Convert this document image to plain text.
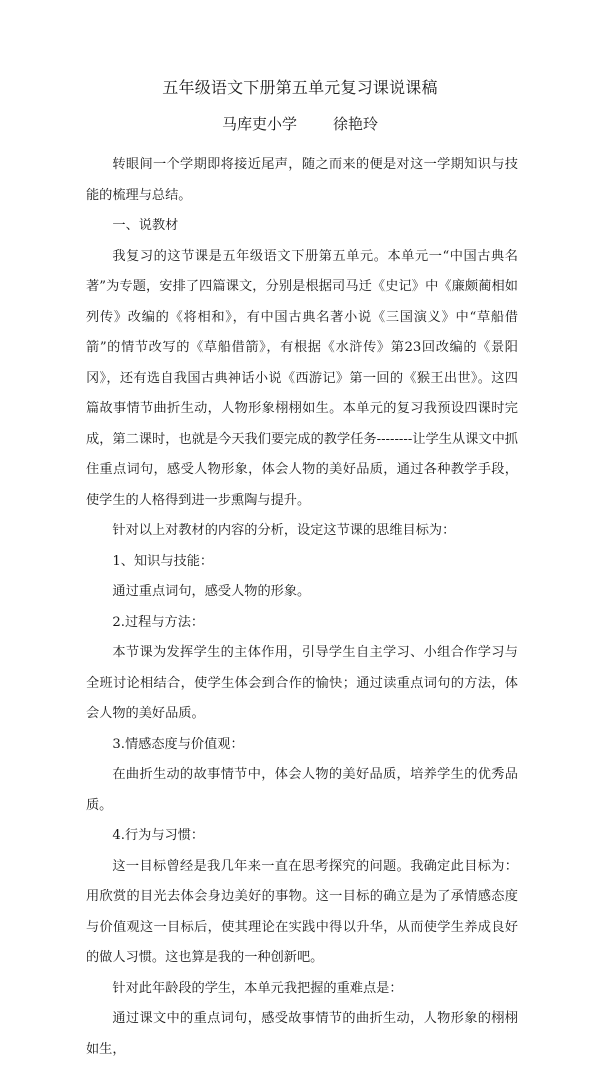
五年级语文下册第五单元复习课说课稿
马库吏小学 徐艳玲

转眼间一个学期即将接近尾声，随之而来的便是对这一学期知识与技能的梳理与总结。

一、说教材

我复习的这节课是五年级语文下册第五单元。本单元一“中国古典名著”为专题，安排了四篇课文，分别是根据司马迁《史记》中《廉颇蔺相如列传》改编的《将相和》，有中国古典名著小说《三国演义》中“草船借箭”的情节改写的《草船借箭》，有根据《水浒传》第23回改编的《景阳冈》，还有选自我国古典神话小说《西游记》第一回的《猴王出世》。这四篇故事情节曲折生动，人物形象栩栩如生。本单元的复习我预设四课时完成，第二课时，也就是今天我们要完成的教学任务--------让学生从课文中抓住重点词句，感受人物形象，体会人物的美好品质，通过各种教学手段，使学生的人格得到进一步熏陶与提升。

针对以上对教材的内容的分析，设定这节课的思维目标为：

1、知识与技能：

通过重点词句，感受人物的形象。

2.过程与方法：

本节课为发挥学生的主体作用，引导学生自主学习、小组合作学习与全班讨论相结合，使学生体会到合作的愉快；通过读重点词句的方法，体会人物的美好品质。

3.情感态度与价值观：

在曲折生动的故事情节中，体会人物的美好品质，培养学生的优秀品质。

4.行为与习惯：

这一目标曾经是我几年来一直在思考探究的问题。我确定此目标为：用欣赏的目光去体会身边美好的事物。这一目标的确立是为了承情感态度与价值观这一目标后，使其理论在实践中得以升华，从而使学生养成良好的做人习惯。这也算是我的一种创新吧。

针对此年龄段的学生，本单元我把握的重难点是：

通过课文中的重点词句，感受故事情节的曲折生动，人物形象的栩栩如生，
